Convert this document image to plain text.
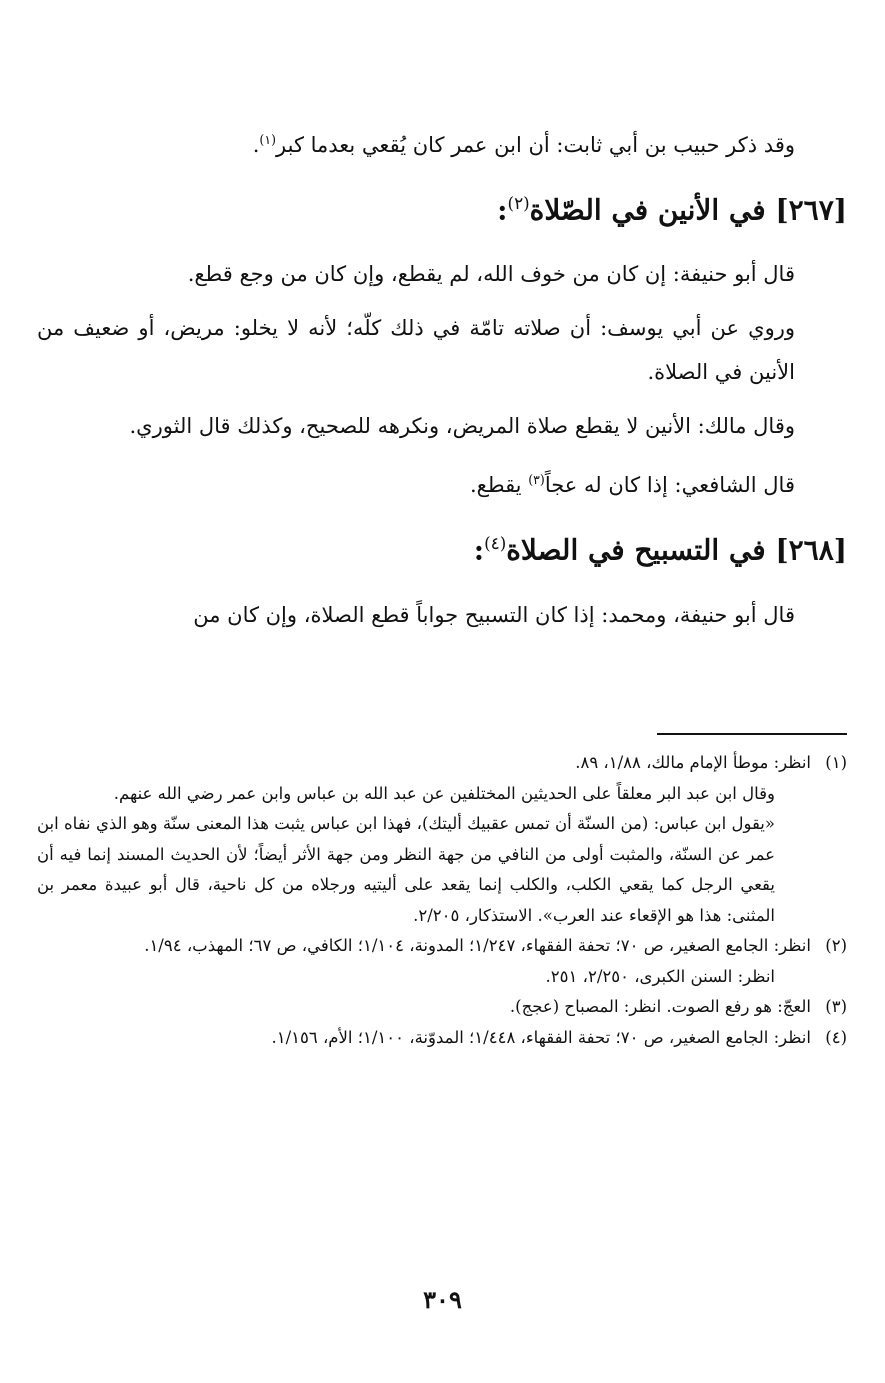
وقد ذكر حبيب بن أبي ثابت: أن ابن عمر كان يُقعي بعدما كبر$^{(١)}$.

[٢٦٧] في الأنين في الصّلاة$^{(٢)}$:

قال أبو حنيفة: إن كان من خوف الله، لم يقطع، وإن كان من وجع قطع.

وروي عن أبي يوسف: أن صلاته تامّة في ذلك كلّه؛ لأنه لا يخلو: مريض، أو ضعيف من الأنين في الصلاة.

وقال مالك: الأنين لا يقطع صلاة المريض، ونكرهه للصحيح، وكذلك قال الثوري.

قال الشافعي: إذا كان له عجاً$^{(٣)}$ يقطع.

[٢٦٨] في التسبيح في الصلاة$^{(٤)}$:

قال أبو حنيفة، ومحمد: إذا كان التسبيح جواباً قطع الصلاة، وإن كان من

(١)

انظر: موطأ الإمام مالك، ١/٨٨، ٨٩.

وقال ابن عبد البر معلقاً على الحديثين المختلفين عن عبد الله بن عباس وابن عمر رضي الله عنهم.

«يقول ابن عباس: (من السنّة أن تمس عقبيك أليتك)، فهذا ابن عباس يثبت هذا المعنى سنّة وهو الذي نفاه ابن عمر عن السنّة، والمثبت أولى من النافي من جهة النظر ومن جهة الأثر أيضاً؛ لأن الحديث المسند إنما فيه أن يقعي الرجل كما يقعي الكلب، والكلب إنما يقعد على أليتيه ورجلاه من كل ناحية، قال أبو عبيدة معمر بن المثنى: هذا هو الإقعاء عند العرب». الاستذكار، ٢/٢٠٥.

(٢)

انظر: الجامع الصغير، ص ٧٠؛ تحفة الفقهاء، ١/٢٤٧؛ المدونة، ١/١٠٤؛ الكافي، ص ٦٧؛ المهذب، ١/٩٤.

انظر: السنن الكبرى، ٢/٢٥٠، ٢٥١.

(٣)

العجّ: هو رفع الصوت. انظر: المصباح (عجج).

(٤)

انظر: الجامع الصغير، ص ٧٠؛ تحفة الفقهاء، ١/٤٤٨؛ المدوّنة، ١/١٠٠؛ الأم، ١/١٥٦.

٣٠٩
